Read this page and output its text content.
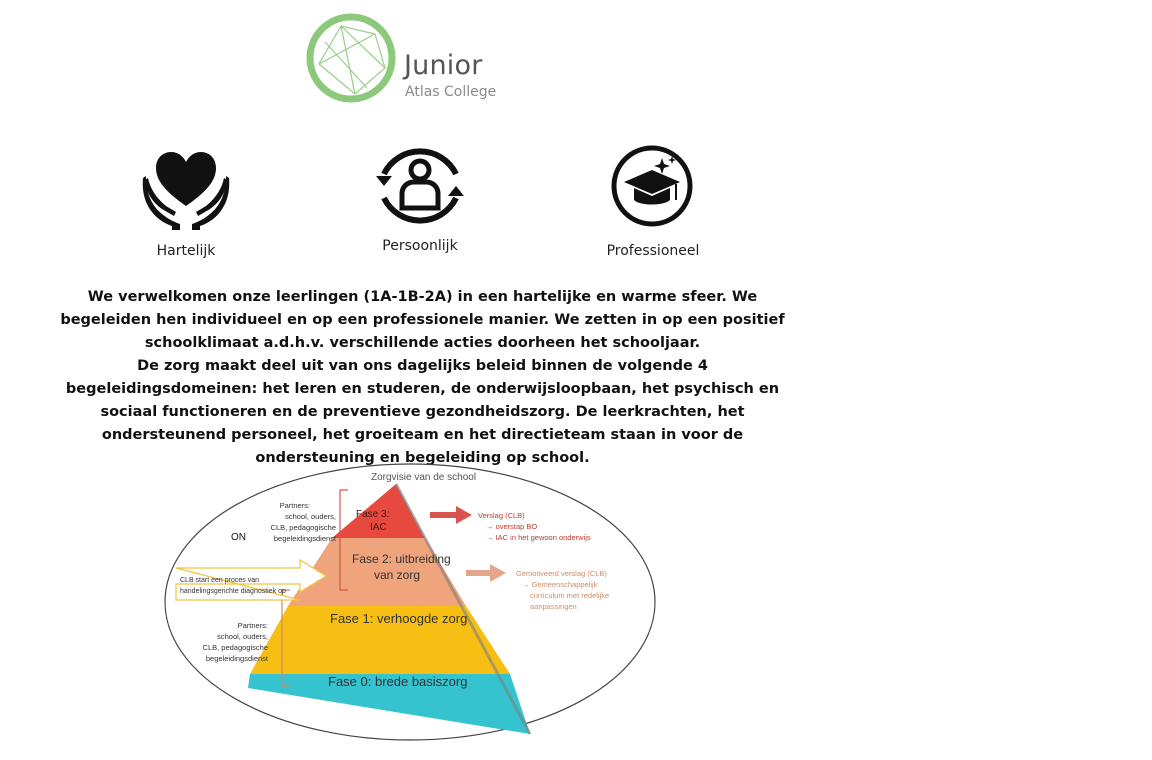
Junior
Atlas College
Hartelijk	Persoonlijk	Professioneel

We verwelkomen onze leerlingen (1A-1B-2A) in een hartelijke en warme sfeer. We

begeleiden hen individueel en op een professionele manier. We zetten in op een positief

schoolklimaat a.d.h.v. verschillende acties doorheen het schooljaar.

De zorg maakt deel uit van ons dagelijks beleid binnen de volgende 4

begeleidingsdomeinen: het leren en studeren, de onderwijsloopbaan, het psychisch en

sociaal functioneren en de preventieve gezondheidszorg. De leerkrachten, het

ondersteunend personeel, het groeiteam en het directieteam staan in voor de

ondersteuning en begeleiding op school.

Zorgvisie van de school
Fase 3:
IAC
Fase 2: uitbreiding
van zorg
Fase 1: verhoogde zorg
Fase 0: brede basiszorg
Partners:
school, ouders,
CLB, pedagogische
begeleidingsdienst
ON
CLB start een proces van
handelingsgerichte diagnostiek op
Partners:
school, ouders,
CLB, pedagogische
begeleidingsdienst
Verslag (CLB)
→ overstap BO
→ IAC in het gewoon onderwijs
Gemotiveerd verslag (CLB)
→ Gemeenschappelijk
curriculum met redelijke
aanpassingen
